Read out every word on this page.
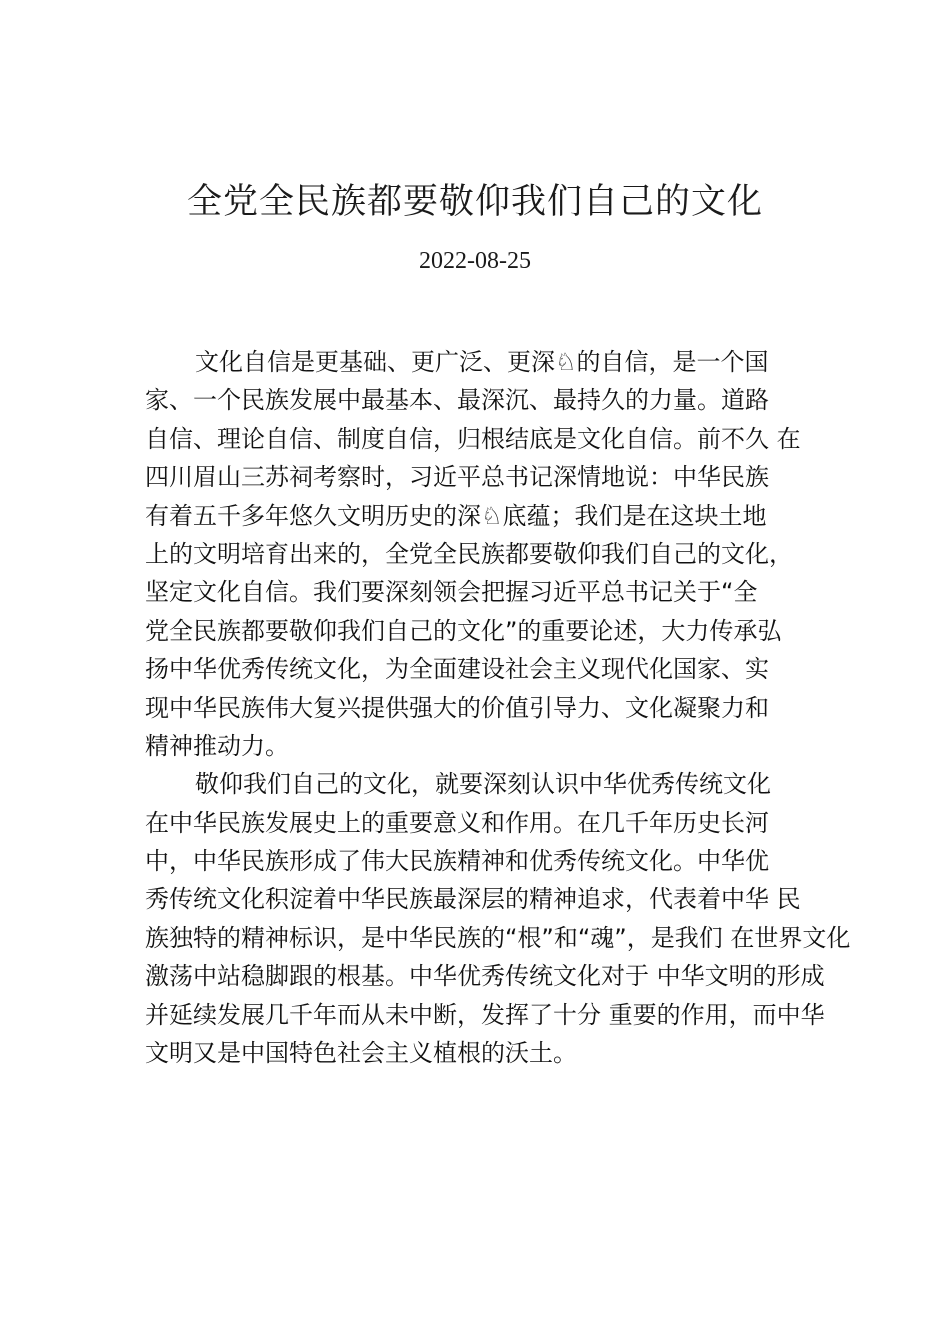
全党全民族都要敬仰我们自己的文化
2022-08-25
文化自信是更基础、更广泛、更深♘的自信，是一个国
家、一个民族发展中最基本、最深沉、最持久的力量。道路
自信、理论自信、制度自信，归根结底是文化自信。前不久 在
四川眉山三苏祠考察时，习近平总书记深情地说：中华民族
有着五千多年悠久文明历史的深♘底蕴；我们是在这块土地
上的文明培育出来的，全党全民族都要敬仰我们自己的文化，
坚定文化自信。我们要深刻领会把握习近平总书记关于“全
党全民族都要敬仰我们自己的文化”的重要论述，大力传承弘
扬中华优秀传统文化，为全面建设社会主义现代化国家、实
现中华民族伟大复兴提供强大的价值引导力、文化凝聚力和
精神推动力。
敬仰我们自己的文化，就要深刻认识中华优秀传统文化
在中华民族发展史上的重要意义和作用。在几千年历史长河
中，中华民族形成了伟大民族精神和优秀传统文化。中华优
秀传统文化积淀着中华民族最深层的精神追求，代表着中华 民
族独特的精神标识，是中华民族的“根”和“魂”，是我们 在世界文化
激荡中站稳脚跟的根基。中华优秀传统文化对于 中华文明的形成
并延续发展几千年而从未中断，发挥了十分 重要的作用，而中华
文明又是中国特色社会主义植根的沃土。
